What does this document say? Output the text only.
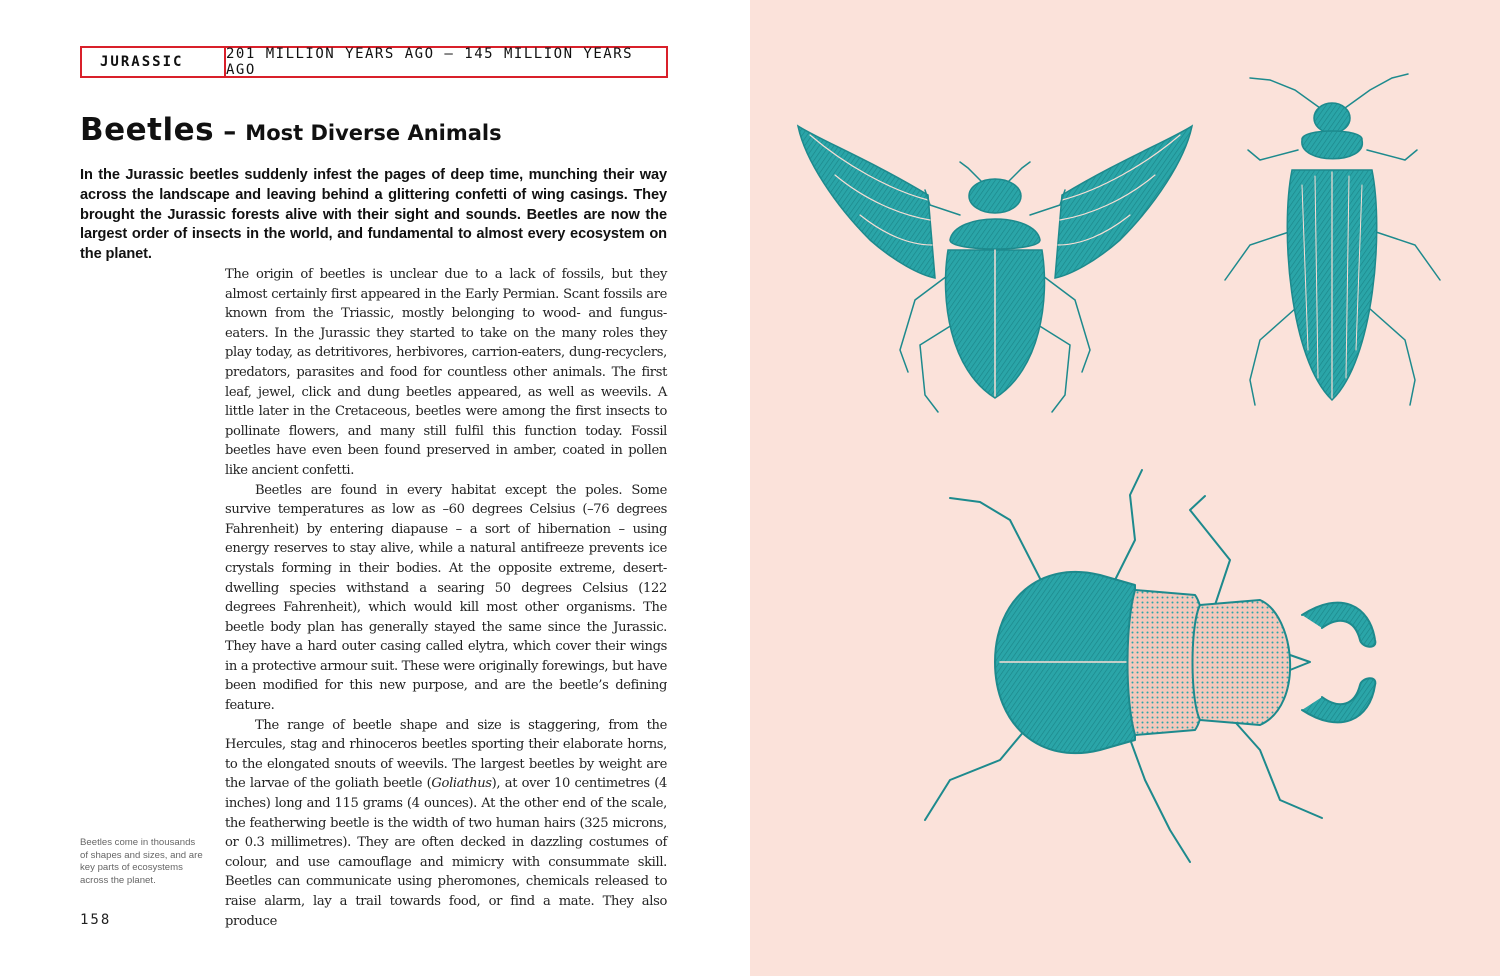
JURASSIC	201 MILLION YEARS AGO – 145 MILLION YEARS AGO
Beetles – Most Diverse Animals

In the Jurassic beetles suddenly infest the pages of deep time, munching their way across the landscape and leaving behind a glittering confetti of wing casings. They brought the Jurassic forests alive with their sight and sounds. Beetles are now the largest order of insects in the world, and fundamental to almost every ecosystem on the planet.

The origin of beetles is unclear due to a lack of fossils, but they almost certainly first appeared in the Early Permian. Scant fossils are known from the Triassic, mostly belonging to wood- and fungus-eaters. In the Jurassic they started to take on the many roles they play today, as detritivores, herbivores, carrion-eaters, dung-recyclers, predators, parasites and food for countless other animals. The first leaf, jewel, click and dung beetles appeared, as well as weevils. A little later in the Cretaceous, beetles were among the first insects to pollinate flowers, and many still fulfil this function today. Fossil beetles have even been found preserved in amber, coated in pollen like ancient confetti.

Beetles are found in every habitat except the poles. Some survive temperatures as low as –60 degrees Celsius (–76 degrees Fahrenheit) by entering diapause – a sort of hibernation – using energy reserves to stay alive, while a natural antifreeze prevents ice crystals forming in their bodies. At the opposite extreme, desert-dwelling species withstand a searing 50 degrees Celsius (122 degrees Fahrenheit), which would kill most other organisms. The beetle body plan has generally stayed the same since the Jurassic. They have a hard outer casing called elytra, which cover their wings in a protective armour suit. These were originally forewings, but have been modified for this new purpose, and are the beetle’s defining feature.

The range of beetle shape and size is staggering, from the Hercules, stag and rhinoceros beetles sporting their elaborate horns, to the elongated snouts of weevils. The largest beetles by weight are the larvae of the goliath beetle (Goliathus), at over 10 centimetres (4 inches) long and 115 grams (4 ounces). At the other end of the scale, the featherwing beetle is the width of two human hairs (325 microns, or 0.3 millimetres). They are often decked in dazzling costumes of colour, and use camouflage and mimicry with consummate skill. Beetles can communicate using pheromones, chemicals released to raise alarm, lay a trail towards food, or find a mate. They also produce

Beetles come in thousands of shapes and sizes, and are key parts of ecosystems across the planet.

158
